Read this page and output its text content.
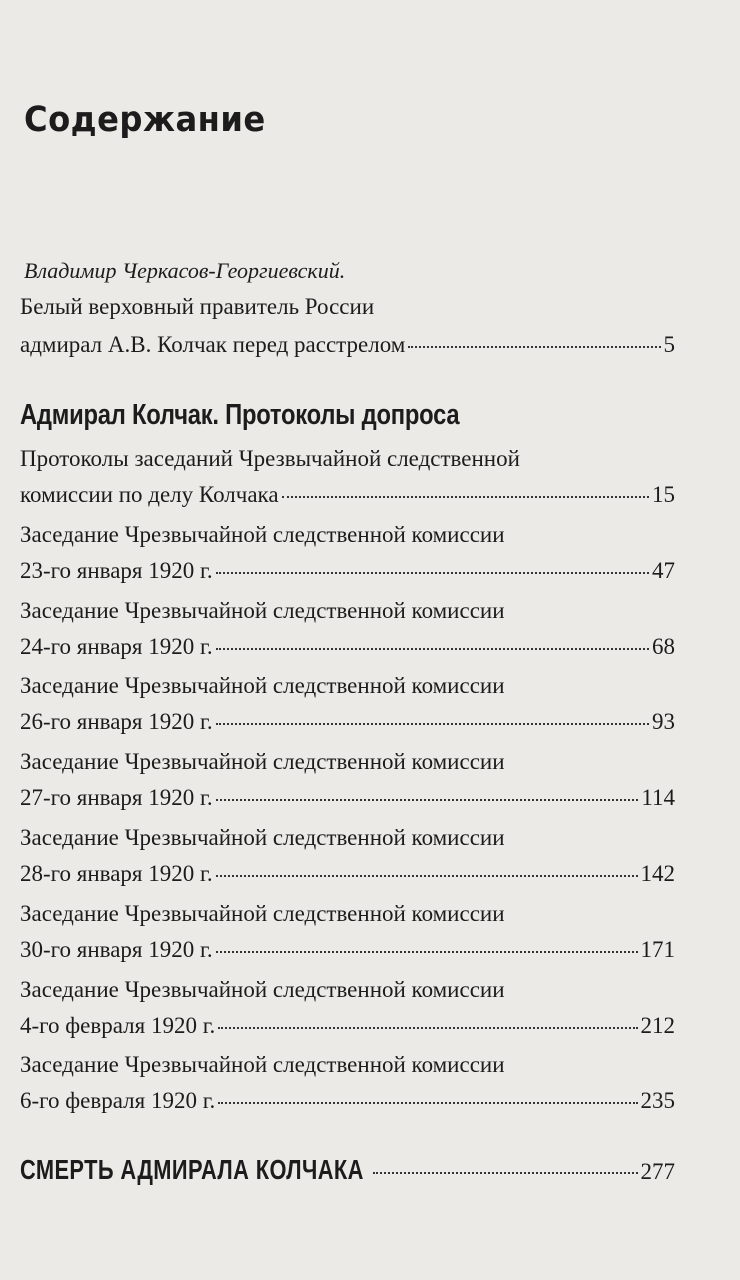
Содержание
Владимир Черкасов-Георгиевский.
Белый верховный правитель России
адмирал А.В. Колчак перед расстрелом	5
Адмирал Колчак. Протоколы допроса
Протоколы заседаний Чрезвычайной следственной
комиссии по делу Колчака	15
Заседание Чрезвычайной следственной комиссии
23-го января 1920 г.	47
Заседание Чрезвычайной следственной комиссии
24-го января 1920 г.	68
Заседание Чрезвычайной следственной комиссии
26-го января 1920 г.	93
Заседание Чрезвычайной следственной комиссии
27-го января 1920 г.	114
Заседание Чрезвычайной следственной комиссии
28-го января 1920 г.	142
Заседание Чрезвычайной следственной комиссии
30-го января 1920 г.	171
Заседание Чрезвычайной следственной комиссии
4-го февраля 1920 г.	212
Заседание Чрезвычайной следственной комиссии
6-го февраля 1920 г.	235
СМЕРТЬ АДМИРАЛА КОЛЧАКА	277
